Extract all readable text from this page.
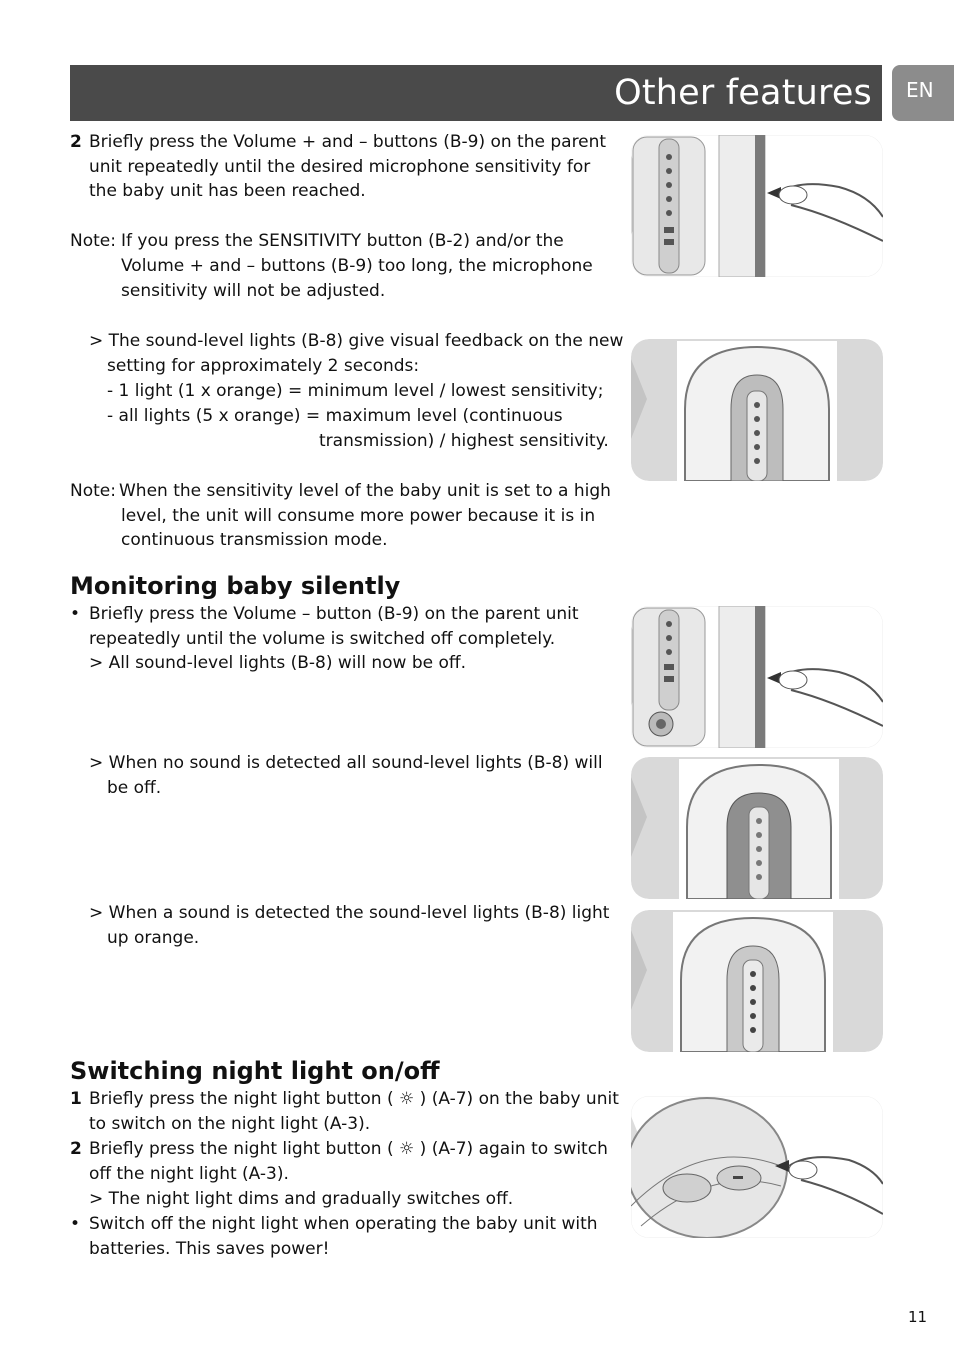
Other features EN
2 Briefly press the Volume + and – buttons (B-9) on the parent
unit repeatedly until the desired microphone sensitivity for
the baby unit has been reached.
Note: If you press the SENSITIVITY button (B-2) and/or the
Volume + and – buttons (B-9) too long, the microphone
sensitivity will not be adjusted.
> The sound-level lights (B-8) give visual feedback on the new
setting for approximately 2 seconds:
- 1 light (1 x orange) = minimum level / lowest sensitivity;
- all lights (5 x orange) = maximum level (continuous
transmission) / highest sensitivity.
Note: When the sensitivity level of the baby unit is set to a high
level, the unit will consume more power because it is in
continuous transmission mode.
Monitoring baby silently
• Briefly press the Volume – button (B-9) on the parent unit
repeatedly until the volume is switched off completely.
> All sound-level lights (B-8) will now be off.
> When no sound is detected all sound-level lights (B-8) will
be off.
> When a sound is detected the sound-level lights (B-8) light
up orange.
Switching night light on/off
1 Briefly press the night light button ( ☼ ) (A-7) on the baby unit
to switch on the night light (A-3).
2 Briefly press the night light button ( ☼ ) (A-7) again to switch
off the night light (A-3).
> The night light dims and gradually switches off.
• Switch off the night light when operating the baby unit with
batteries. This saves power!
11
